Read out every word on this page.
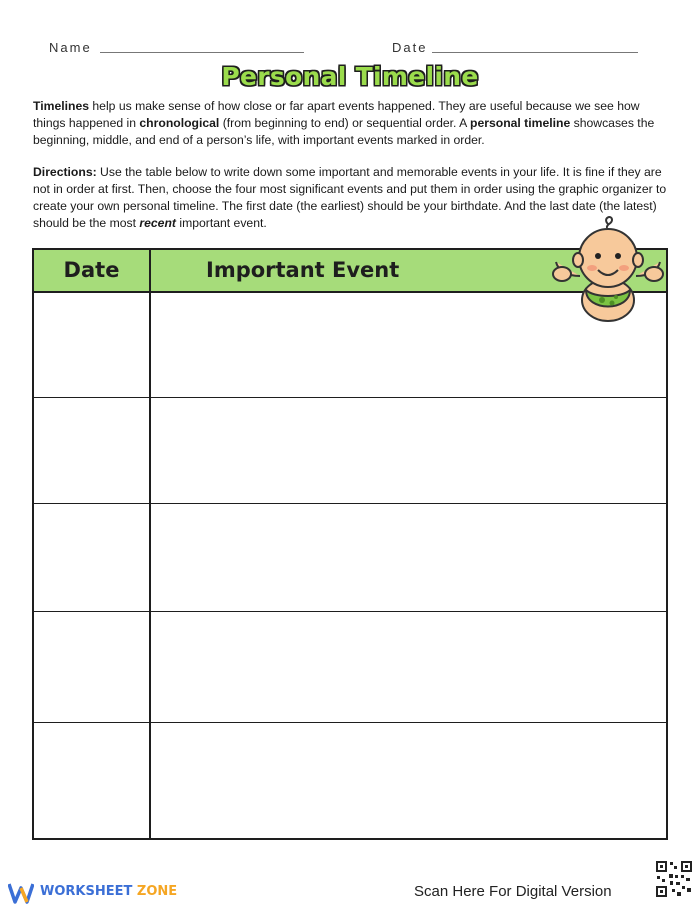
Name	Date
Personal Timeline
Timelines help us make sense of how close or far apart events happened. They are useful because we see how things happened in chronological (from beginning to end) or sequential order. A personal timeline showcases the beginning, middle, and end of a person’s life, with important events marked in order.
Directions: Use the table below to write down some important and memorable events in your life. It is fine if they are not in order at first. Then, choose the four most significant events and put them in order using the graphic organizer to create your own personal timeline. The first date (the earliest) should be your birthdate. And the last date (the latest) should be the most recent important event.
Date	Important Event
WORKSHEET ZONE	Scan Here For Digital Version
